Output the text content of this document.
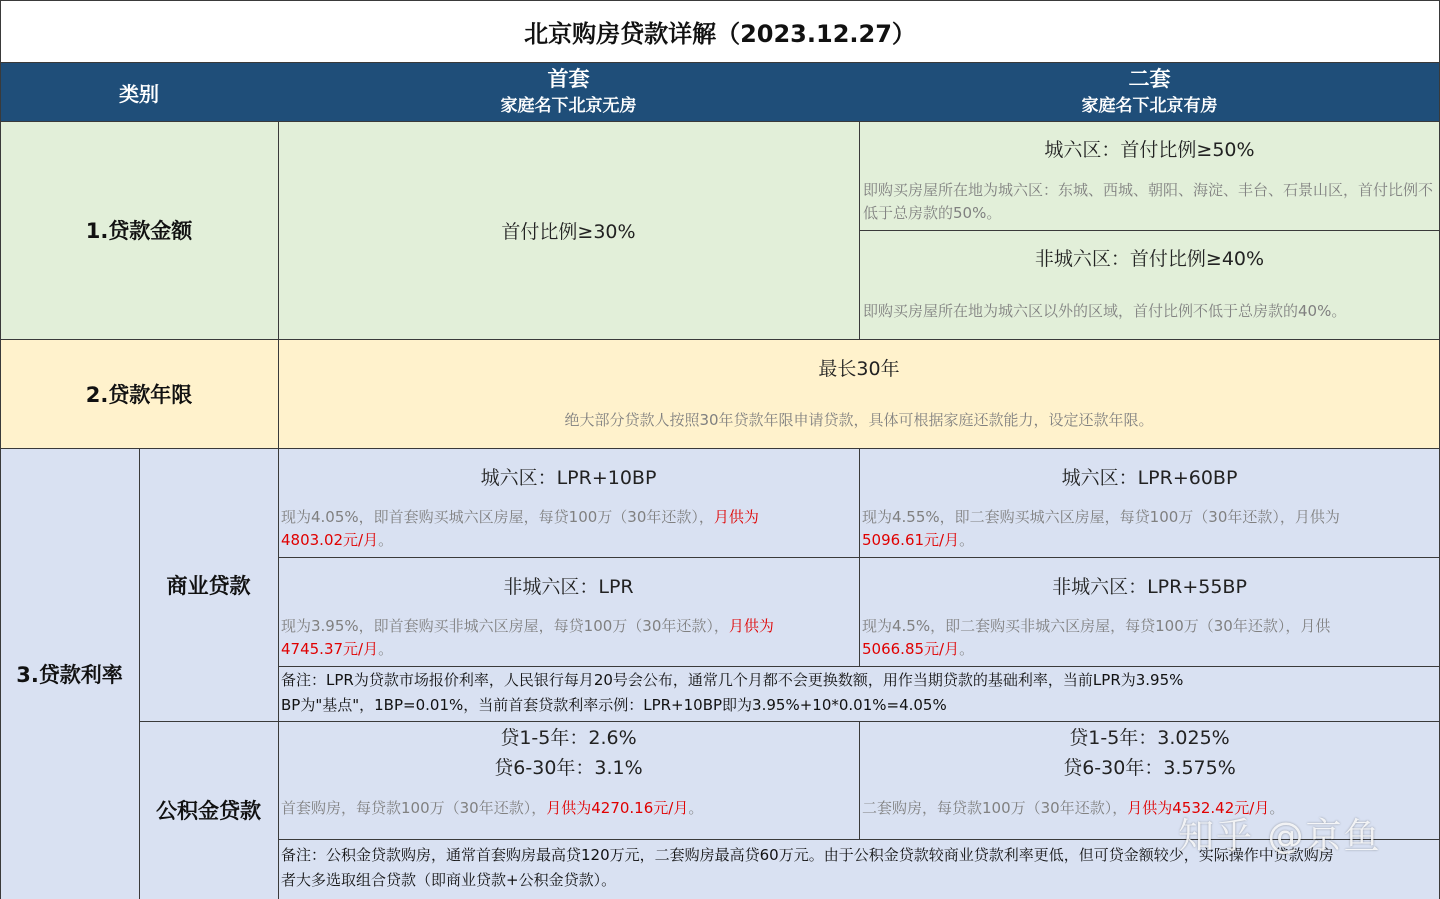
北京购房贷款详解（2023.12.27）
类别
首套
家庭名下北京无房
二套
家庭名下北京有房
1.贷款金额	首付比例≥30%
城六区：首付比例≥50%
即购买房屋所在地为城六区：东城、西城、朝阳、海淀、丰台、石景山区，首付比例不低于总房款的50%。
非城六区：首付比例≥40%
即购买房屋所在地为城六区以外的区域，首付比例不低于总房款的40%。
2.贷款年限
最长30年
绝大部分贷款人按照30年贷款年限申请贷款，具体可根据家庭还款能力，设定还款年限。
3.贷款利率
商业贷款
公积金贷款
城六区：LPR+10BP
现为4.05%，即首套购买城六区房屋，每贷100万（30年还款），月供为
4803.02元/月。
城六区：LPR+60BP
现为4.55%，即二套购买城六区房屋，每贷100万（30年还款），月供为
5096.61元/月。
非城六区：LPR
现为3.95%，即首套购买非城六区房屋，每贷100万（30年还款），月供为
4745.37元/月。
非城六区：LPR+55BP
现为4.5%，即二套购买非城六区房屋，每贷100万（30年还款），月供
5066.85元/月。
备注：LPR为贷款市场报价利率，人民银行每月20号会公布，通常几个月都不会更换数额，用作当期贷款的基础利率，当前LPR为3.95%
BP为"基点"，1BP=0.01%，当前首套贷款利率示例：LPR+10BP即为3.95%+10*0.01%=4.05%
贷1-5年：2.6%
贷6-30年：3.1%
首套购房，每贷款100万（30年还款），月供为4270.16元/月。
贷1-5年：3.025%
贷6-30年：3.575%
二套购房，每贷款100万（30年还款），月供为4532.42元/月。
备注：公积金贷款购房，通常首套购房最高贷120万元，二套购房最高贷60万元。由于公积金贷款较商业贷款利率更低，但可贷金额较少，实际操作中贷款购房
者大多选取组合贷款（即商业贷款+公积金贷款）。
知乎 @京鱼
